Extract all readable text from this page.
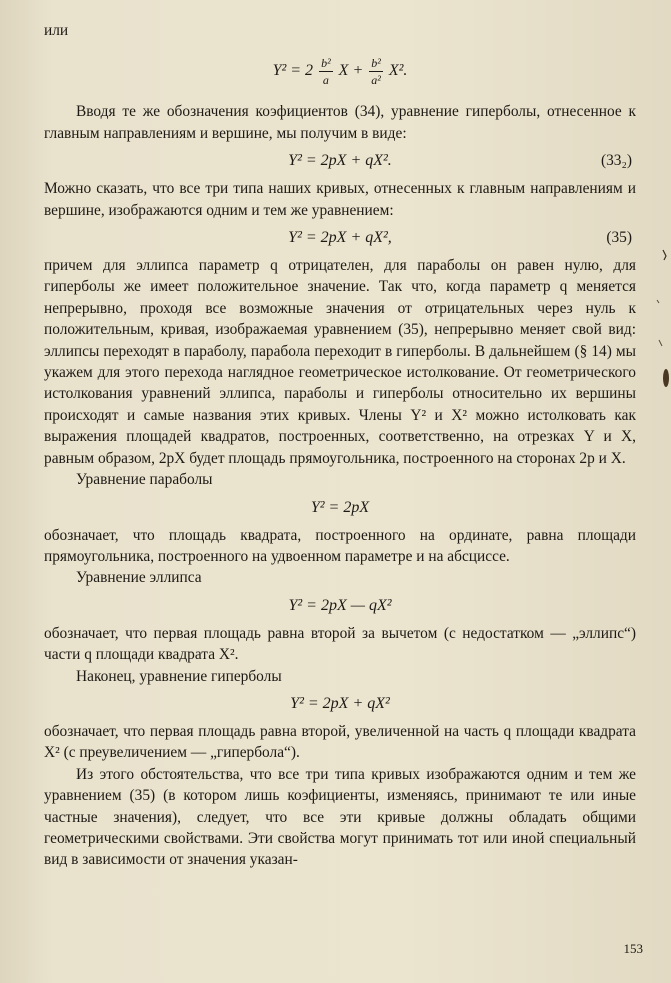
или

$Y^2 = 2 \frac{\text{b²}}{a}$ $X + \frac{\text{b²}}{\text{a²}} X^2$.

Вводя те же обозначения коэфициентов (34), уравнение гиперболы, отнесенное к главным направлениям и вершине, мы получим в виде:

Y² = 2pX + qX².	(33₂)

Можно сказать, что все три типа наших кривых, отнесенных к главным направлениям и вершине, изображаются одним и тем же уравнением:

Y² = 2pX + qX²,	(35)

причем для эллипса параметр q отрицателен, для параболы он равен нулю, для гиперболы же имеет положительное значение. Так что, когда параметр q меняется непрерывно, проходя все возможные значения от отрицательных через нуль к положительным, кривая, изображаемая уравнением (35), непрерывно меняет свой вид: эллипсы переходят в параболу, парабола переходит в гиперболы. В дальнейшем (§ 14) мы укажем для этого перехода наглядное геометрическое истолкование. От геометрического истолкования уравнений эллипса, параболы и гиперболы относительно их вершины происходят и самые названия этих кривых. Члены Y² и X² можно истолковать как выражения площадей квадратов, построенных, соответственно, на отрезках Y и X, равным образом, 2pX будет площадь прямоугольника, построенного на сторонах 2p и X.

Уравнение параболы

Y² = 2pX

обозначает, что площадь квадрата, построенного на ординате, равна площади прямоугольника, построенного на удвоенном параметре и на абсциссе.

Уравнение эллипса

Y² = 2pX — qX²

обозначает, что первая площадь равна второй за вычетом (с недостатком — „эллипс“) части q площади квадрата X².

Наконец, уравнение гиперболы

Y² = 2pX + qX²

обозначает, что первая площадь равна второй, увеличенной на часть q площади квадрата X² (с преувеличением — „гипербола“).

Из этого обстоятельства, что все три типа кривых изображаются одним и тем же уравнением (35) (в котором лишь коэфициенты, изменяясь, принимают те или иные частные значения), следует, что все эти кривые должны обладать общими геометрическими свойствами. Эти свойства могут принимать тот или иной специальный вид в зависимости от значения указан-

153
